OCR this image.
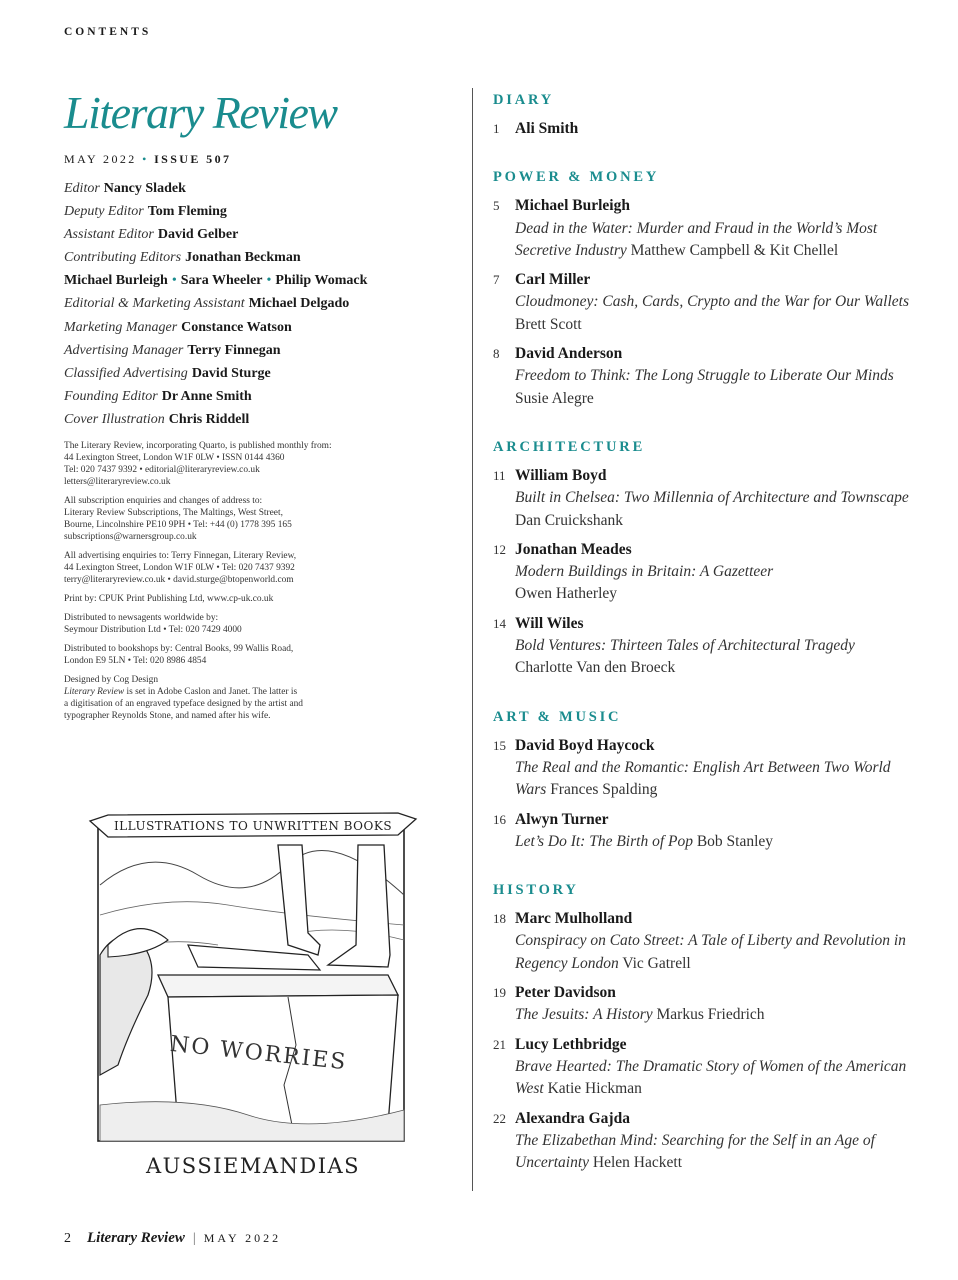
CONTENTS
Literary Review
MAY 2022 • ISSUE 507
Editor Nancy Sladek
Deputy Editor Tom Fleming
Assistant Editor David Gelber
Contributing Editors Jonathan Beckman
Michael Burleigh • Sara Wheeler • Philip Womack
Editorial & Marketing Assistant Michael Delgado
Marketing Manager Constance Watson
Advertising Manager Terry Finnegan
Classified Advertising David Sturge
Founding Editor Dr Anne Smith
Cover Illustration Chris Riddell

The Literary Review, incorporating Quarto, is published monthly from:
44 Lexington Street, London W1F 0LW • ISSN 0144 4360
Tel: 020 7437 9392 • editorial@literaryreview.co.uk
letters@literaryreview.co.uk

All subscription enquiries and changes of address to:
Literary Review Subscriptions, The Maltings, West Street,
Bourne, Lincolnshire PE10 9PH • Tel: +44 (0) 1778 395 165
subscriptions@warnersgroup.co.uk

All advertising enquiries to: Terry Finnegan, Literary Review,
44 Lexington Street, London W1F 0LW • Tel: 020 7437 9392
terry@literaryreview.co.uk • david.sturge@btopenworld.com

Print by: CPUK Print Publishing Ltd, www.cp-uk.co.uk

Distributed to newsagents worldwide by:
Seymour Distribution Ltd • Tel: 020 7429 4000

Distributed to bookshops by: Central Books, 99 Wallis Road,
London E9 5LN • Tel: 020 8986 4854

Designed by Cog Design
Literary Review is set in Adobe Caslon and Janet. The latter is
a digitisation of an engraved typeface designed by the artist and
typographer Reynolds Stone, and named after his wife.

ILLUSTRATIONS TO UNWRITTEN BOOKS
NO WORRIES
AUSSIEMANDIAS
DIARY
1	Ali Smith
POWER & MONEY
5	Michael Burleigh
Dead in the Water: Murder and Fraud in the World’s Most Secretive Industry Matthew Campbell & Kit Chellel
7	Carl Miller
Cloudmoney: Cash, Cards, Crypto and the War for Our Wallets Brett Scott
8	David Anderson
Freedom to Think: The Long Struggle to Liberate Our Minds Susie Alegre
ARCHITECTURE
11 William Boyd
Built in Chelsea: Two Millennia of Architecture and Townscape Dan Cruickshank
12 Jonathan Meades
Modern Buildings in Britain: A Gazetteer
Owen Hatherley
14 Will Wiles
Bold Ventures: Thirteen Tales of Architectural Tragedy
Charlotte Van den Broeck
ART & MUSIC
15 David Boyd Haycock
The Real and the Romantic: English Art Between Two World Wars Frances Spalding
16 Alwyn Turner
Let’s Do It: The Birth of Pop Bob Stanley
HISTORY
18 Marc Mulholland
Conspiracy on Cato Street: A Tale of Liberty and Revolution in Regency London Vic Gatrell
19 Peter Davidson
The Jesuits: A History Markus Friedrich
21 Lucy Lethbridge
Brave Hearted: The Dramatic Story of Women of the American West Katie Hickman
22 Alexandra Gajda
The Elizabethan Mind: Searching for the Self in an Age of Uncertainty Helen Hackett
2 Literary Review | MAY 2022
